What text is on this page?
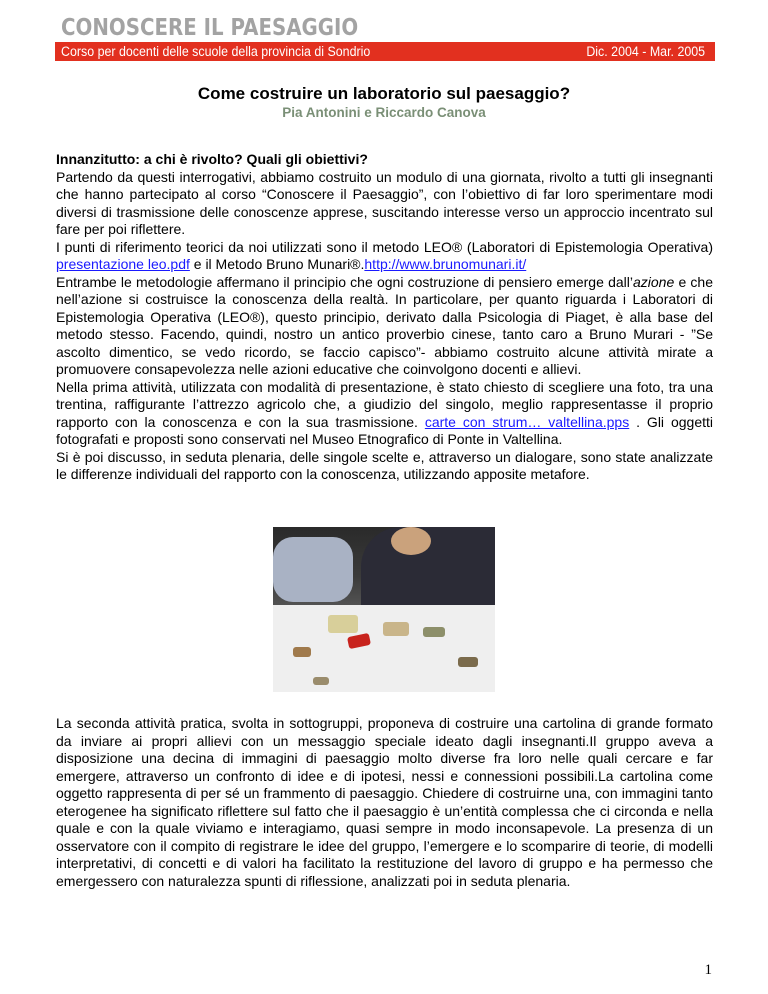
CONOSCERE IL PAESAGGIO
Corso per docenti delle scuole della provincia di Sondrio	Dic. 2004 - Mar. 2005
Come costruire un laboratorio sul paesaggio?
Pia Antonini e Riccardo Canova

Innanzitutto: a chi è rivolto? Quali gli obiettivi?

Partendo da questi interrogativi, abbiamo costruito un modulo di una giornata, rivolto a tutti gli insegnanti che hanno partecipato al corso “Conoscere il Paesaggio”, con l’obiettivo di far loro sperimentare modi diversi di trasmissione delle conoscenze apprese, suscitando interesse verso un approccio incentrato sul fare per poi riflettere.

I punti di riferimento teorici da noi utilizzati sono il metodo LEO® (Laboratori di Epistemologia Operativa) presentazione leo.pdf e il Metodo Bruno Munari®.http://www.brunomunari.it/

Entrambe le metodologie affermano il principio che ogni costruzione di pensiero emerge dall’azione e che nell’azione si costruisce la conoscenza della realtà. In particolare, per quanto riguarda i Laboratori di Epistemologia Operativa (LEO®), questo principio, derivato dalla Psicologia di Piaget, è alla base del metodo stesso. Facendo, quindi, nostro un antico proverbio cinese, tanto caro a Bruno Murari - ”Se ascolto dimentico, se vedo ricordo, se faccio capisco”- abbiamo costruito alcune attività mirate a promuovere consapevolezza nelle azioni educative che coinvolgono docenti e allievi.

Nella prima attività, utilizzata con modalità di presentazione, è stato chiesto di scegliere una foto, tra una trentina, raffigurante l’attrezzo agricolo che, a giudizio del singolo, meglio rappresentasse il proprio rapporto con la conoscenza e con la sua trasmissione. carte con strum… valtellina.pps . Gli oggetti fotografati e proposti sono conservati nel Museo Etnografico di Ponte in Valtellina.

Si è poi discusso, in seduta plenaria, delle singole scelte e, attraverso un dialogare, sono state analizzate le differenze individuali del rapporto con la conoscenza, utilizzando apposite metafore.

La seconda attività pratica, svolta in sottogruppi, proponeva di costruire una cartolina di grande formato da inviare ai propri allievi con un messaggio speciale ideato dagli insegnanti.Il gruppo aveva a disposizione una decina di immagini di paesaggio molto diverse fra loro nelle quali cercare e far emergere, attraverso un confronto di idee e di ipotesi, nessi e connessioni possibili.La cartolina come oggetto rappresenta di per sé un frammento di paesaggio. Chiedere di costruirne una, con immagini tanto eterogenee ha significato riflettere sul fatto che il paesaggio è un’entità complessa che ci circonda e nella quale e con la quale viviamo e interagiamo, quasi sempre in modo inconsapevole. La presenza di un osservatore con il compito di registrare le idee del gruppo, l’emergere e lo scomparire di teorie, di modelli interpretativi, di concetti e di valori ha facilitato la restituzione del lavoro di gruppo e ha permesso che emergessero con naturalezza spunti di riflessione, analizzati poi in seduta plenaria.

1
